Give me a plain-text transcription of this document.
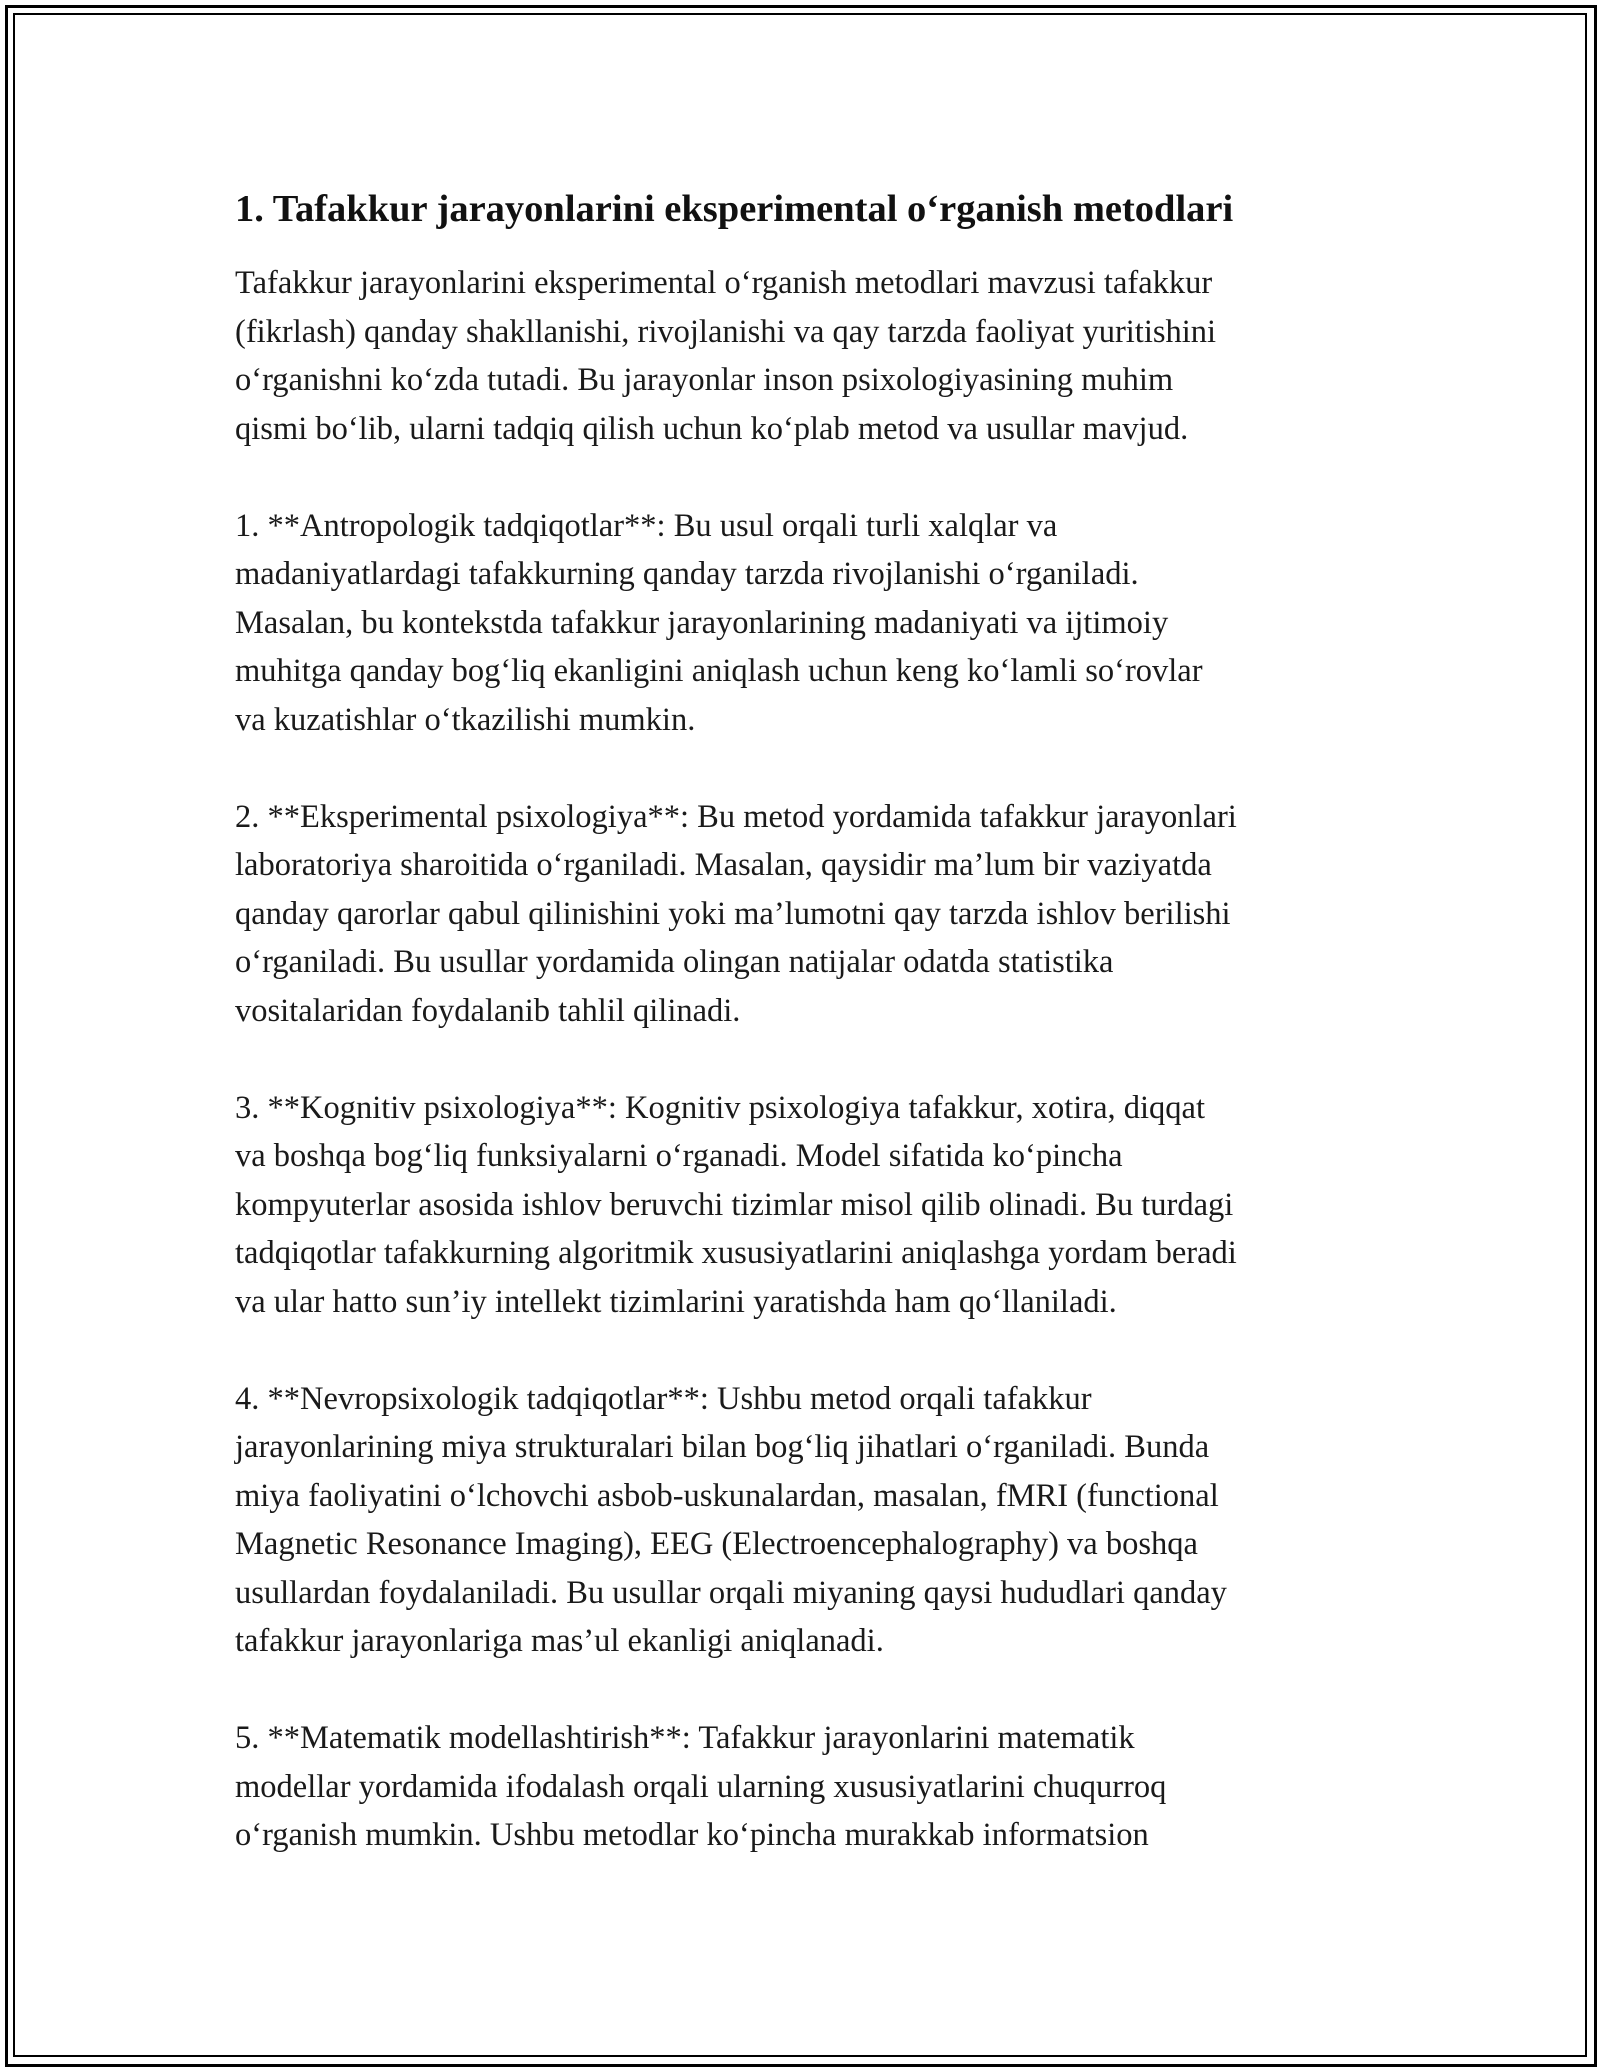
1. Tafakkur jarayonlarini eksperimental o‘rganish metodlari

Tafakkur jarayonlarini eksperimental o‘rganish metodlari mavzusi tafakkur
(fikrlash) qanday shakllanishi, rivojlanishi va qay tarzda faoliyat yuritishini
o‘rganishni ko‘zda tutadi. Bu jarayonlar inson psixologiyasining muhim
qismi bo‘lib, ularni tadqiq qilish uchun ko‘plab metod va usullar mavjud.

1. **Antropologik tadqiqotlar**: Bu usul orqali turli xalqlar va
madaniyatlardagi tafakkurning qanday tarzda rivojlanishi o‘rganiladi.
Masalan, bu kontekstda tafakkur jarayonlarining madaniyati va ijtimoiy
muhitga qanday bog‘liq ekanligini aniqlash uchun keng ko‘lamli so‘rovlar
va kuzatishlar o‘tkazilishi mumkin.

2. **Eksperimental psixologiya**: Bu metod yordamida tafakkur jarayonlari
laboratoriya sharoitida o‘rganiladi. Masalan, qaysidir ma’lum bir vaziyatda
qanday qarorlar qabul qilinishini yoki ma’lumotni qay tarzda ishlov berilishi
o‘rganiladi. Bu usullar yordamida olingan natijalar odatda statistika
vositalaridan foydalanib tahlil qilinadi.

3. **Kognitiv psixologiya**: Kognitiv psixologiya tafakkur, xotira, diqqat
va boshqa bog‘liq funksiyalarni o‘rganadi. Model sifatida ko‘pincha
kompyuterlar asosida ishlov beruvchi tizimlar misol qilib olinadi. Bu turdagi
tadqiqotlar tafakkurning algoritmik xususiyatlarini aniqlashga yordam beradi
va ular hatto sun’iy intellekt tizimlarini yaratishda ham qo‘llaniladi.

4. **Nevropsixologik tadqiqotlar**: Ushbu metod orqali tafakkur
jarayonlarining miya strukturalari bilan bog‘liq jihatlari o‘rganiladi. Bunda
miya faoliyatini o‘lchovchi asbob-uskunalardan, masalan, fMRI (functional
Magnetic Resonance Imaging), EEG (Electroencephalography) va boshqa
usullardan foydalaniladi. Bu usullar orqali miyaning qaysi hududlari qanday
tafakkur jarayonlariga mas’ul ekanligi aniqlanadi.

5. **Matematik modellashtirish**: Tafakkur jarayonlarini matematik
modellar yordamida ifodalash orqali ularning xususiyatlarini chuqurroq
o‘rganish mumkin. Ushbu metodlar ko‘pincha murakkab informatsion
